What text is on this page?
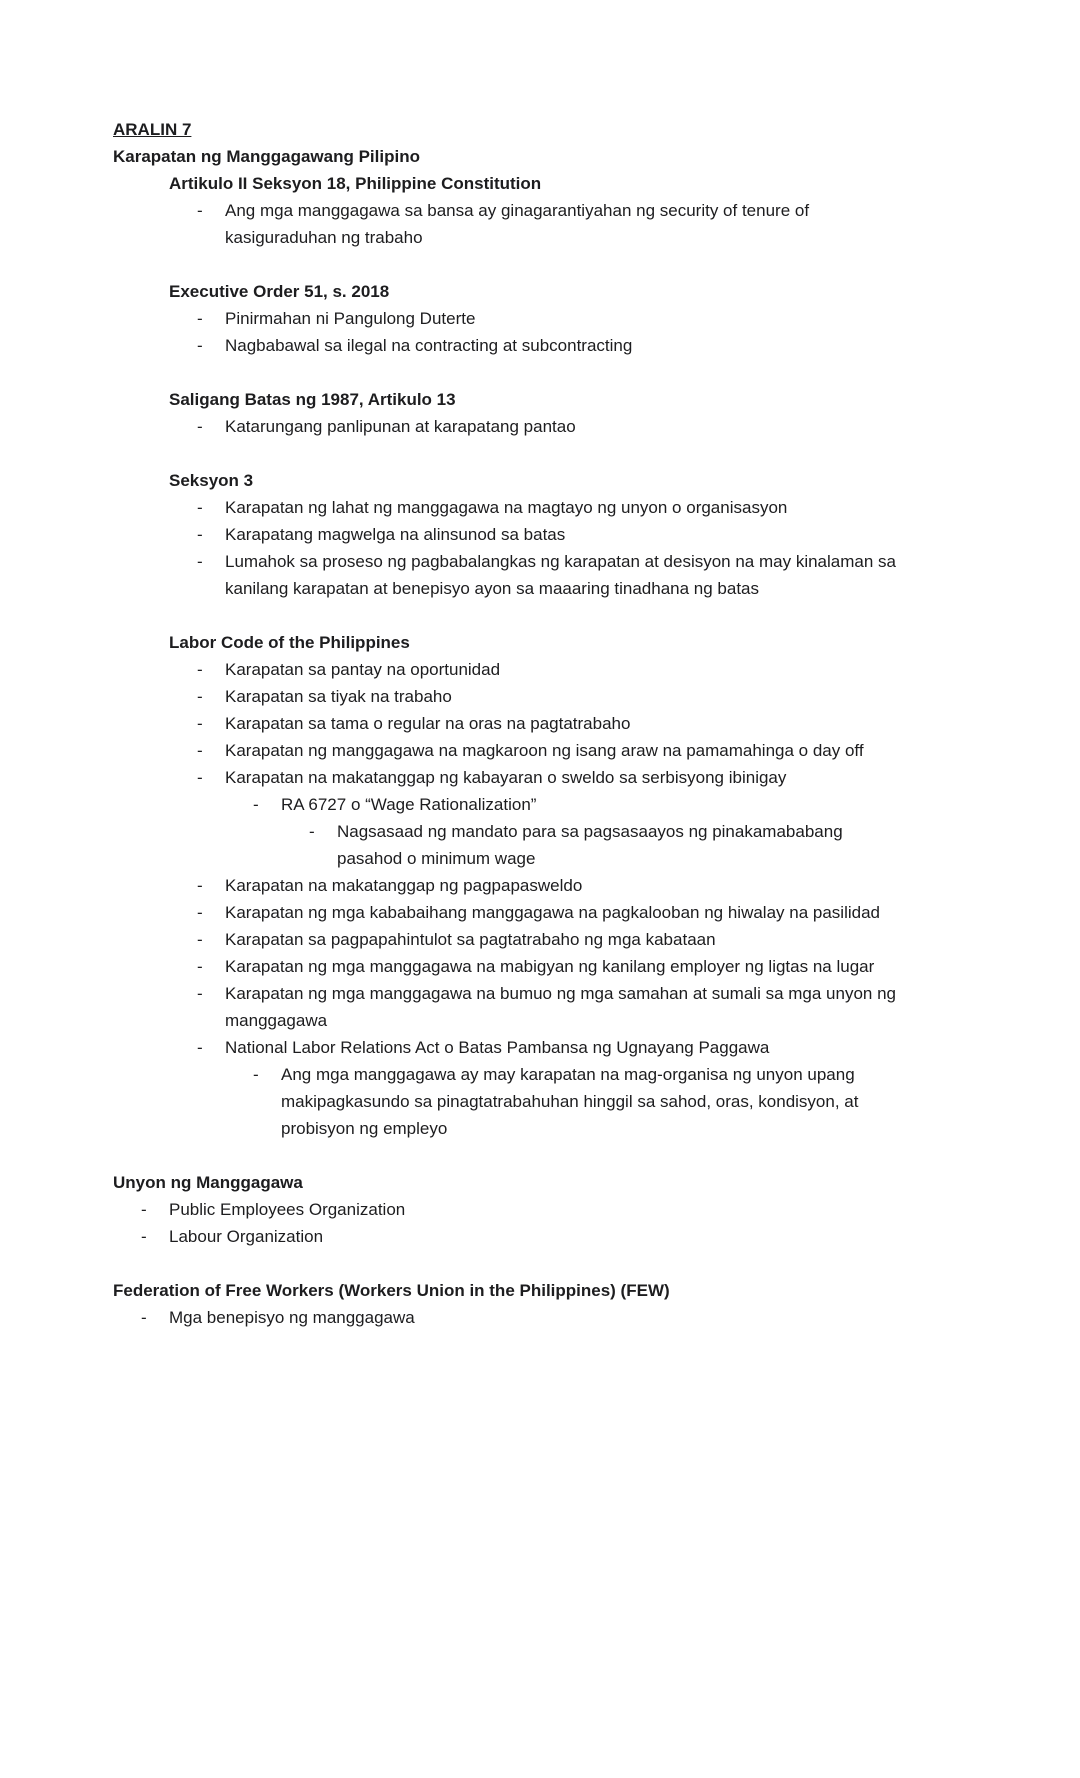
ARALIN 7
Karapatan ng Manggagawang Pilipino
Artikulo II Seksyon 18, Philippine Constitution
-	Ang mga manggagawa sa bansa ay ginagarantiyahan ng security of tenure of kasiguraduhan ng trabaho
Executive Order 51, s. 2018
-	Pinirmahan ni Pangulong Duterte
-	Nagbabawal sa ilegal na contracting at subcontracting
Saligang Batas ng 1987, Artikulo 13
-	Katarungang panlipunan at karapatang pantao
Seksyon 3
-	Karapatan ng lahat ng manggagawa na magtayo ng unyon o organisasyon
-	Karapatang magwelga na alinsunod sa batas
-	Lumahok sa proseso ng pagbabalangkas ng karapatan at desisyon na may kinalaman sa kanilang karapatan at benepisyo ayon sa maaaring tinadhana ng batas
Labor Code of the Philippines
-	Karapatan sa pantay na oportunidad
-	Karapatan sa tiyak na trabaho
-	Karapatan sa tama o regular na oras na pagtatrabaho
-	Karapatan ng manggagawa na magkaroon ng isang araw na pamamahinga o day off
-	Karapatan na makatanggap ng kabayaran o sweldo sa serbisyong ibinigay
-	RA 6727 o “Wage Rationalization”
-	Nagsasaad ng mandato para sa pagsasaayos ng pinakamababang pasahod o minimum wage
-	Karapatan na makatanggap ng pagpapasweldo
-	Karapatan ng mga kababaihang manggagawa na pagkalooban ng hiwalay na pasilidad
-	Karapatan sa pagpapahintulot sa pagtatrabaho ng mga kabataan
-	Karapatan ng mga manggagawa na mabigyan ng kanilang employer ng ligtas na lugar
-	Karapatan ng mga manggagawa na bumuo ng mga samahan at sumali sa mga unyon ng manggagawa
-	National Labor Relations Act o Batas Pambansa ng Ugnayang Paggawa
-	Ang mga manggagawa ay may karapatan na mag-organisa ng unyon upang makipagkasundo sa pinagtatrabahuhan hinggil sa sahod, oras, kondisyon, at probisyon ng empleyo
Unyon ng Manggagawa
-	Public Employees Organization
-	Labour Organization
Federation of Free Workers (Workers Union in the Philippines) (FEW)
-	Mga benepisyo ng manggagawa
